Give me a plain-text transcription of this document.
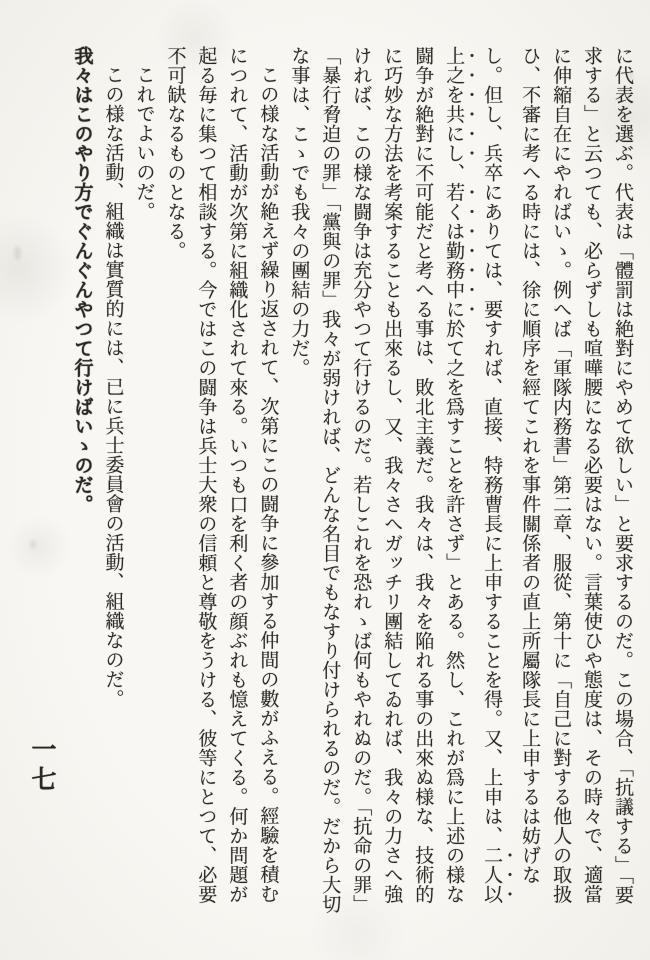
に代表を選ぶ。代表は「體罰は絶對にやめて欲しい」と要求するのだ。この場合、「抗議する」「要求する」と云つても、必らずしも喧嘩腰になる必要はない。言葉使ひや態度は、その時々で、適當に伸縮自在にやればいゝ。例へば「軍隊内務書」第二章、服從、第十に「自己に對する他人の取扱ひ、不審に考へる時には、徐に順序を經てこれを事件關係者の直上所屬隊長に上申するは妨げなし。但し、兵卒にありては、要すれば、直接、特務曹長に上申することを得。又、上申は、二人以上之を共にし、若くは勤務中に於て之を爲すことを許さず」とある。然し、これが爲に上述の様な闘争が絶對に不可能だと考へる事は、敗北主義だ。我々は、我々を陥れる事の出來ぬ様な、技術的に巧妙な方法を考案することも出來るし、又、我々さへガッチリ團結してゐれば、我々の力さへ強ければ、この様な闘争は充分やつて行けるのだ。若しこれを恐れゝば何もやれぬのだ。「抗命の罪」「暴行脅迫の罪」「黨與の罪」我々が弱ければ、どんな名目でもなすり付けられるのだ。だから大切な事は、こゝでも我々の團結の力だ。

この様な活動が絶えず繰り返されて、次第にこの闘争に參加する仲間の數がふえる。經驗を積むにつれて、活動が次第に組織化されて來る。いつも口を利く者の顔ぶれも憶えてくる。何か問題が起る毎に集つて相談する。今ではこの闘争は兵士大衆の信頼と尊敬をうける、彼等にとつて、必要不可缺なるものとなる。

これでよいのだ。

この様な活動、組織は實質的には、已に兵士委員會の活動、組織なのだ。

我々はこのやり方でぐんぐんやつて行けばいゝのだ。

一七
